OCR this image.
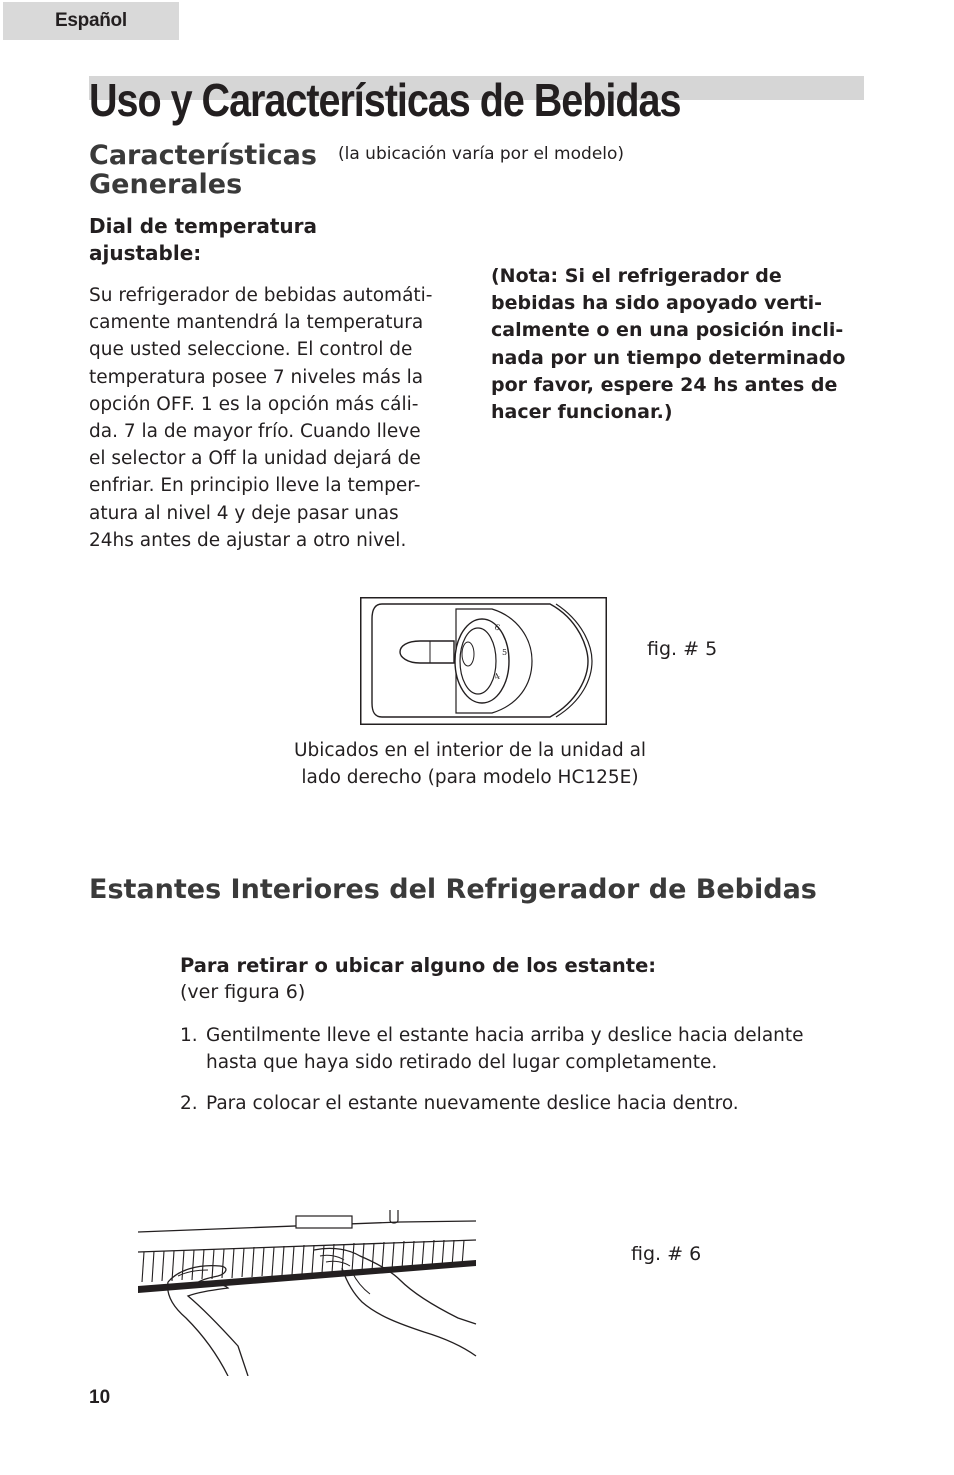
Español
Uso y Características de Bebidas
Características
Generales
(la ubicación varía por el modelo)

Dial de temperatura

ajustable:

Su refrigerador de bebidas automáti-

camente mantendrá la temperatura

que usted seleccione. El control de

temperatura posee 7 niveles más la

opción OFF. 1 es la opción más cáli-

da. 7 la de mayor frío. Cuando lleve

el selector a Off la unidad dejará de

enfriar. En principio lleve la temper-

atura al nivel 4 y deje pasar unas

24hs antes de ajustar a otro nivel.

(Nota: Si el refrigerador de

bebidas ha sido apoyado verti-

calmente o en una posición incli-

nada por un tiempo determinado

por favor, espere 24 hs antes de

hacer funcionar.)

6
5
4
fig. # 5
Ubicados en el interior de la unidad al
lado derecho (para modelo HC125E)
Estantes Interiores del Refrigerador de Bebidas

Para retirar o ubicar alguno de los estante:

(ver figura 6)

1. Gentilmente lleve el estante hacia arriba y deslice hacia delante
hasta que haya sido retirado del lugar completamente.
2. Para colocar el estante nuevamente deslice hacia dentro.
fig. # 6
10
